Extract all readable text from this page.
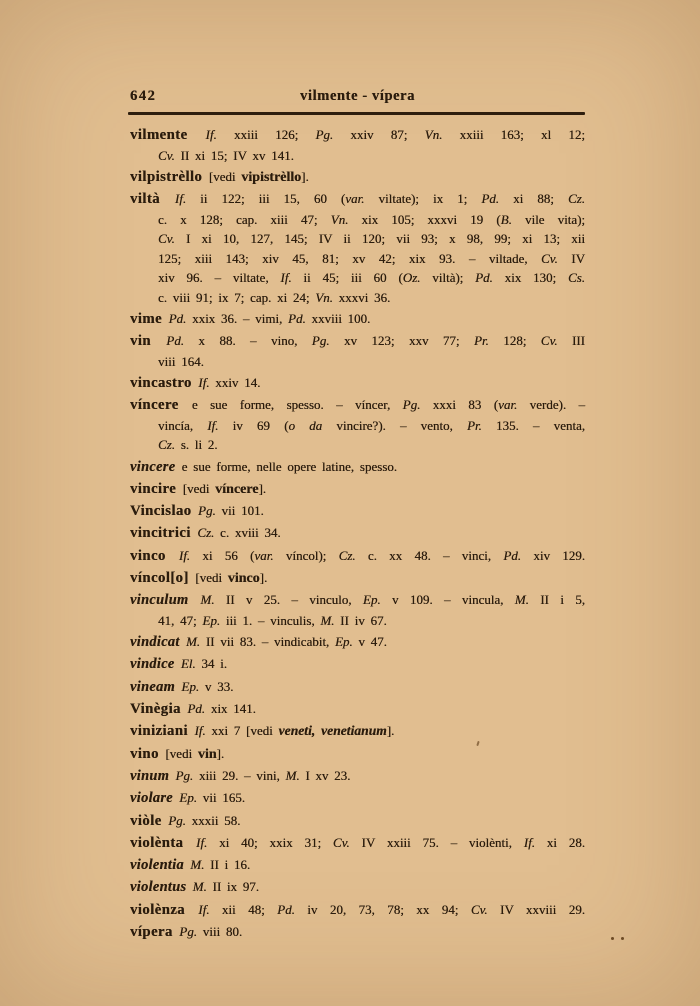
642	vilmente - vípera
vilmente If. xxiii 126; Pg. xxiv 87; Vn. xxiii 163; xl 12;
Cv. II xi 15; IV xv 141.
vilpistrèllo [vedi vipistrèllo].
viltà If. ii 122; iii 15, 60 (var. viltate); ix 1; Pd. xi 88; Cz.
c. x 128; cap. xiii 47; Vn. xix 105; xxxvi 19 (B. vile vita);
Cv. I xi 10, 127, 145; IV ii 120; vii 93; x 98, 99; xi 13; xii
125; xiii 143; xiv 45, 81; xv 42; xix 93. – viltade, Cv. IV
xiv 96. – viltate, If. ii 45; iii 60 (Oz. viltà); Pd. xix 130; Cs.
c. viii 91; ix 7; cap. xi 24; Vn. xxxvi 36.
vime Pd. xxix 36. – vimi, Pd. xxviii 100.
vin Pd. x 88. – vino, Pg. xv 123; xxv 77; Pr. 128; Cv. III
viii 164.
vincastro If. xxiv 14.
víncere e sue forme, spesso. – víncer, Pg. xxxi 83 (var. verde). –
vincía, If. iv 69 (o da vincire?). – vento, Pr. 135. – venta,
Cz. s. li 2.
vincere e sue forme, nelle opere latine, spesso.
vincire [vedi víncere].
Vincislao Pg. vii 101.
vincitrici Cz. c. xviii 34.
vinco If. xi 56 (var. víncol); Cz. c. xx 48. – vinci, Pd. xiv 129.
víncol[o] [vedi vinco].
vinculum M. II v 25. – vinculo, Ep. v 109. – vincula, M. II i 5,
41, 47; Ep. iii 1. – vinculis, M. II iv 67.
vindicat M. II vii 83. – vindicabit, Ep. v 47.
vindice El. 34 i.
vineam Ep. v 33.
Vinègia Pd. xix 141.
viniziani If. xxi 7 [vedi veneti, venetianum].
vino [vedi vin].
vinum Pg. xiii 29. – vini, M. I xv 23.
violare Ep. vii 165.
viòle Pg. xxxii 58.
violènta If. xi 40; xxix 31; Cv. IV xxiii 75. – violènti, If. xi 28.
violentia M. II i 16.
violentus M. II ix 97.
violènza If. xii 48; Pd. iv 20, 73, 78; xx 94; Cv. IV xxviii 29.
vípera Pg. viii 80.
